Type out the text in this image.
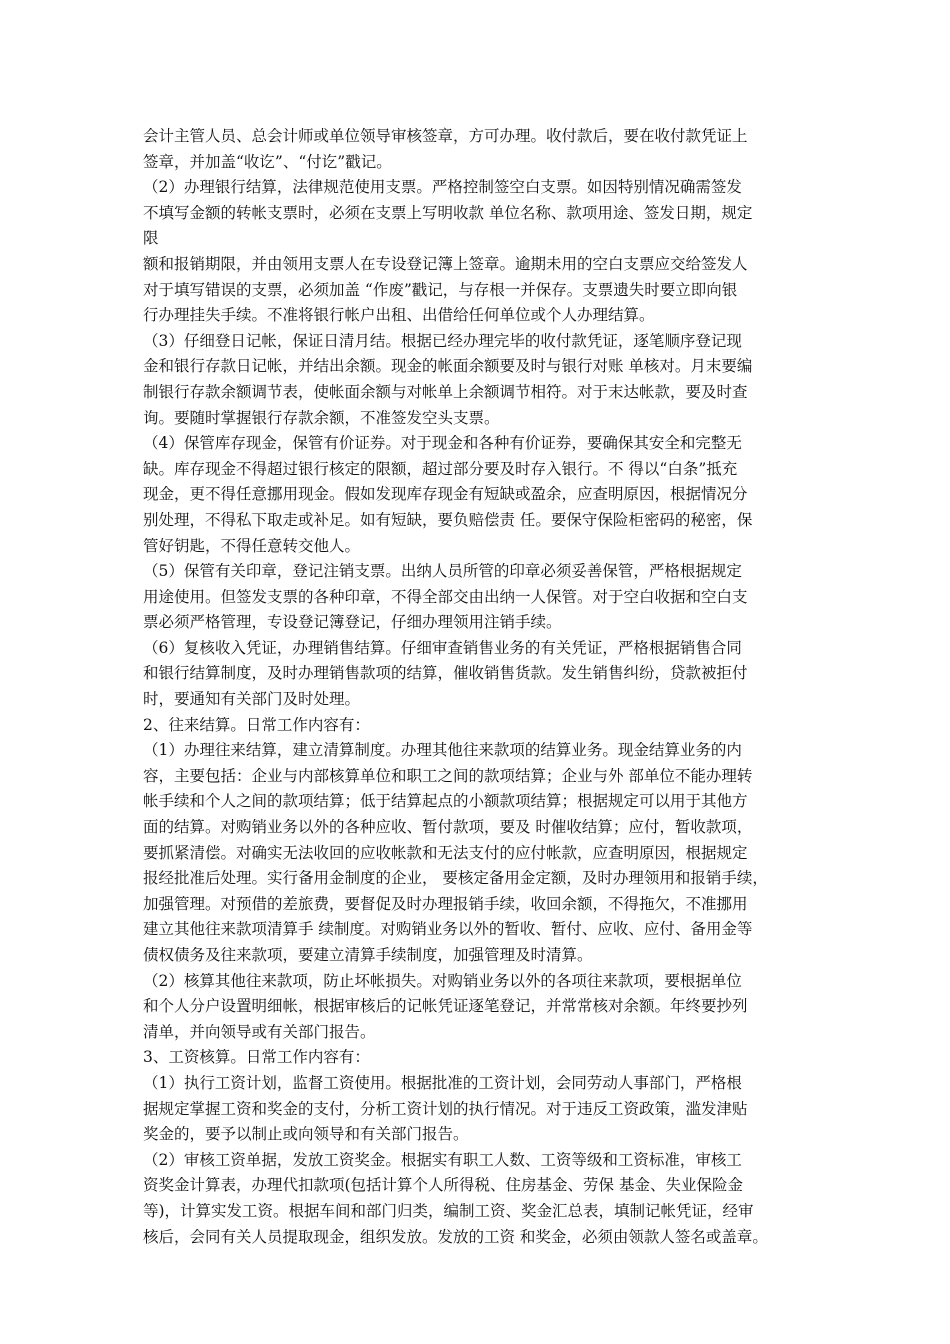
会计主管人员、总会计师或单位领导审核签章，方可办理。收付款后，要在收付款凭证上
签章，并加盖“收讫”、“付讫”戳记。
（2）办理银行结算，法律规范使用支票。严格控制签空白支票。如因特别情况确需签发
不填写金额的转帐支票时，必须在支票上写明收款 单位名称、款项用途、签发日期，规定
限
额和报销期限，并由领用支票人在专设登记簿上签章。逾期未用的空白支票应交给签发人
对于填写错误的支票，必须加盖 “作废”戳记，与存根一并保存。支票遗失时要立即向银
行办理挂失手续。不准将银行帐户出租、出借给任何单位或个人办理结算。
（3）仔细登日记帐，保证日清月结。根据已经办理完毕的收付款凭证，逐笔顺序登记现
金和银行存款日记帐，并结出余额。现金的帐面余额要及时与银行对账 单核对。月末要编
制银行存款余额调节表，使帐面余额与对帐单上余额调节相符。对于末达帐款，要及时查
询。要随时掌握银行存款余额，不准签发空头支票。
（4）保管库存现金，保管有价证券。对于现金和各种有价证券，要确保其安全和完整无
缺。库存现金不得超过银行核定的限额，超过部分要及时存入银行。不 得以“白条”抵充
现金，更不得任意挪用现金。假如发现库存现金有短缺或盈余，应查明原因，根据情况分
别处理，不得私下取走或补足。如有短缺，要负赔偿责 任。要保守保险柜密码的秘密，保
管好钥匙，不得任意转交他人。
（5）保管有关印章，登记注销支票。出纳人员所管的印章必须妥善保管，严格根据规定
用途使用。但签发支票的各种印章，不得全部交由出纳一人保管。对于空白收据和空白支
票必须严格管理，专设登记簿登记，仔细办理领用注销手续。
（6）复核收入凭证，办理销售结算。仔细审查销售业务的有关凭证，严格根据销售合同
和银行结算制度，及时办理销售款项的结算，催收销售货款。发生销售纠纷，贷款被拒付
时，要通知有关部门及时处理。
2、往来结算。日常工作内容有：
（1）办理往来结算，建立清算制度。办理其他往来款项的结算业务。现金结算业务的内
容，主要包括：企业与内部核算单位和职工之间的款项结算；企业与外 部单位不能办理转
帐手续和个人之间的款项结算；低于结算起点的小额款项结算；根据规定可以用于其他方
面的结算。对购销业务以外的各种应收、暂付款项，要及 时催收结算；应付，暂收款项，
要抓紧清偿。对确实无法收回的应收帐款和无法支付的应付帐款，应查明原因，根据规定
报经批准后处理。实行备用金制度的企业， 要核定备用金定额，及时办理领用和报销手续，
加强管理。对预借的差旅费，要督促及时办理报销手续，收回余额，不得拖欠，不准挪用
建立其他往来款项清算手 续制度。对购销业务以外的暂收、暂付、应收、应付、备用金等
债权债务及往来款项，要建立清算手续制度，加强管理及时清算。
（2）核算其他往来款项，防止坏帐损失。对购销业务以外的各项往来款项，要根据单位
和个人分户设置明细帐，根据审核后的记帐凭证逐笔登记，并常常核对余额。年终要抄列
清单，并向领导或有关部门报告。
3、工资核算。日常工作内容有：
（1）执行工资计划，监督工资使用。根据批准的工资计划，会同劳动人事部门，严格根
据规定掌握工资和奖金的支付，分析工资计划的执行情况。对于违反工资政策，滥发津贴
奖金的，要予以制止或向领导和有关部门报告。
（2）审核工资单据，发放工资奖金。根据实有职工人数、工资等级和工资标准，审核工
资奖金计算表，办理代扣款项(包括计算个人所得税、住房基金、劳保 基金、失业保险金
等)，计算实发工资。根据车间和部门归类，编制工资、奖金汇总表，填制记帐凭证，经审
核后，会同有关人员提取现金，组织发放。发放的工资 和奖金，必须由领款人签名或盖章。
